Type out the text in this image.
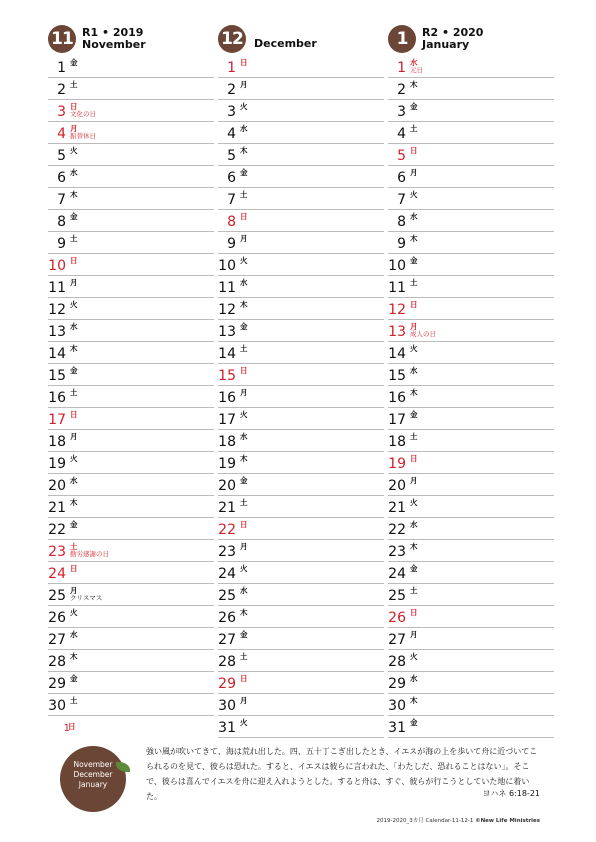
11 R1 • 2019
November
1 金
2 土
3 日
文化の日
4 月
振替休日
5 火
6 水
7 木
8 金
9 土
10 日
11 月
12 火
13 水
14 木
15 金
16 土
17 日
18 月
19 火
20 水
21 木
22 金
23 土
勤労感謝の日
24 日
25 月
クリスマス
26 火
27 水
28 木
29 金
30 土
1
日
12 December
1 日
2 月
3 火
4 水
5 木
6 金
7 土
8 日
9 月
10 火
11 水
12 木
13 金
14 土
15 日
16 月
17 火
18 水
19 木
20 金
21 土
22 日
23 月
24 火
25 水
26 木
27 金
28 土
29 日
30 月
31 火
1	R2 • 2020
January
1 水
元日
2 木
3 金
4 土
5 日
6 月
7 火
8 水
9 木
10 金
11 土
12 日
13 月
成人の日
14 火
15 水
16 木
17 金
18 土
19 日
20 月
21 火
22 水
23 木
24 金
25 土
26 日
27 月
28 火
29 水
30 木
31 金
November
December
January
強い風が吹いてきて、海は荒れ出した。四、五十丁こぎ出したとき、イエスが海の上を歩いて舟に近づいてこられるのを見て、彼らは恐れた。すると、イエスは彼らに言われた、「わたしだ、恐れることはない」。そこで、彼らは喜んでイエスを舟に迎え入れようとした。すると舟は、すぐ、彼らが行こうとしていた地に着いた。	ヨハネ 6:18-21
2019-2020_3カ月 Calendar-11-12-1 ©New Life Ministries
